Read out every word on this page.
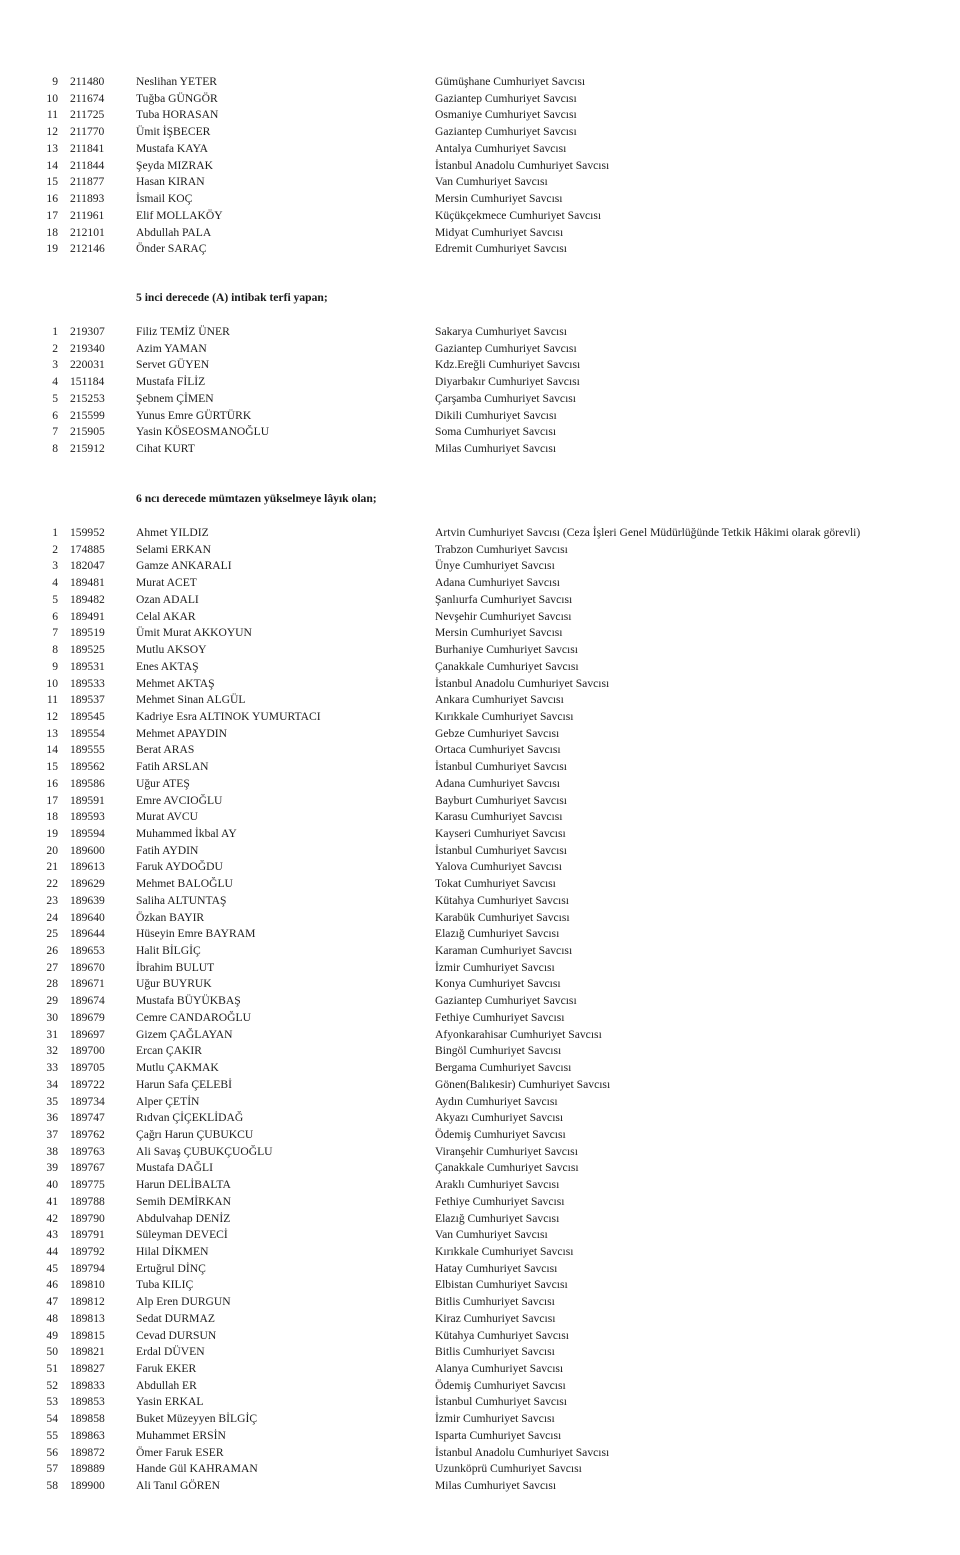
9 211480	Neslihan YETER	Gümüşhane Cumhuriyet Savcısı
10 211674	Tuğba GÜNGÖR	Gaziantep Cumhuriyet Savcısı
11 211725	Tuba HORASAN	Osmaniye Cumhuriyet Savcısı
12 211770	Ümit İŞBECER	Gaziantep Cumhuriyet Savcısı
13 211841	Mustafa KAYA	Antalya Cumhuriyet Savcısı
14 211844	Şeyda MIZRAK	İstanbul Anadolu Cumhuriyet Savcısı
15 211877	Hasan KIRAN	Van Cumhuriyet Savcısı
16 211893	İsmail KOÇ	Mersin Cumhuriyet Savcısı
17 211961	Elif MOLLAKÖY	Küçükçekmece Cumhuriyet Savcısı
18 212101	Abdullah PALA	Midyat Cumhuriyet Savcısı
19 212146	Önder SARAÇ	Edremit Cumhuriyet Savcısı
5 inci derecede (A) intibak terfi yapan;
1 219307	Filiz TEMİZ ÜNER	Sakarya Cumhuriyet Savcısı
2 219340	Azim YAMAN	Gaziantep Cumhuriyet Savcısı
3 220031	Servet GÜYEN	Kdz.Ereğli Cumhuriyet Savcısı
4 151184	Mustafa FİLİZ	Diyarbakır Cumhuriyet Savcısı
5 215253	Şebnem ÇİMEN	Çarşamba Cumhuriyet Savcısı
6 215599	Yunus Emre GÜRTÜRK	Dikili Cumhuriyet Savcısı
7 215905	Yasin KÖSEOSMANOĞLU	Soma Cumhuriyet Savcısı
8 215912	Cihat KURT	Milas Cumhuriyet Savcısı
6 ncı derecede mümtazen yükselmeye lâyık olan;
1 159952	Ahmet YILDIZ	Artvin Cumhuriyet Savcısı (Ceza İşleri Genel Müdürlüğünde Tetkik Hâkimi olarak görevli)
2 174885	Selami ERKAN	Trabzon Cumhuriyet Savcısı
3 182047	Gamze ANKARALI	Ünye Cumhuriyet Savcısı
4 189481	Murat ACET	Adana Cumhuriyet Savcısı
5 189482	Ozan ADALI	Şanlıurfa Cumhuriyet Savcısı
6 189491	Celal AKAR	Nevşehir Cumhuriyet Savcısı
7 189519	Ümit Murat AKKOYUN	Mersin Cumhuriyet Savcısı
8 189525	Mutlu AKSOY	Burhaniye Cumhuriyet Savcısı
9 189531	Enes AKTAŞ	Çanakkale Cumhuriyet Savcısı
10 189533	Mehmet AKTAŞ	İstanbul Anadolu Cumhuriyet Savcısı
11 189537	Mehmet Sinan ALGÜL	Ankara Cumhuriyet Savcısı
12 189545	Kadriye Esra ALTINOK YUMURTACI	Kırıkkale Cumhuriyet Savcısı
13 189554	Mehmet APAYDIN	Gebze Cumhuriyet Savcısı
14 189555	Berat ARAS	Ortaca Cumhuriyet Savcısı
15 189562	Fatih ARSLAN	İstanbul Cumhuriyet Savcısı
16 189586	Uğur ATEŞ	Adana Cumhuriyet Savcısı
17 189591	Emre AVCIOĞLU	Bayburt Cumhuriyet Savcısı
18 189593	Murat AVCU	Karasu Cumhuriyet Savcısı
19 189594	Muhammed İkbal AY	Kayseri Cumhuriyet Savcısı
20 189600	Fatih AYDIN	İstanbul Cumhuriyet Savcısı
21 189613	Faruk AYDOĞDU	Yalova Cumhuriyet Savcısı
22 189629	Mehmet BALOĞLU	Tokat Cumhuriyet Savcısı
23 189639	Saliha ALTUNTAŞ	Kütahya Cumhuriyet Savcısı
24 189640	Özkan BAYIR	Karabük Cumhuriyet Savcısı
25 189644	Hüseyin Emre BAYRAM	Elazığ Cumhuriyet Savcısı
26 189653	Halit BİLGİÇ	Karaman Cumhuriyet Savcısı
27 189670	İbrahim BULUT	İzmir Cumhuriyet Savcısı
28 189671	Uğur BUYRUK	Konya Cumhuriyet Savcısı
29 189674	Mustafa BÜYÜKBAŞ	Gaziantep Cumhuriyet Savcısı
30 189679	Cemre CANDAROĞLU	Fethiye Cumhuriyet Savcısı
31 189697	Gizem ÇAĞLAYAN	Afyonkarahisar Cumhuriyet Savcısı
32 189700	Ercan ÇAKIR	Bingöl Cumhuriyet Savcısı
33 189705	Mutlu ÇAKMAK	Bergama Cumhuriyet Savcısı
34 189722	Harun Safa ÇELEBİ	Gönen(Balıkesir) Cumhuriyet Savcısı
35 189734	Alper ÇETİN	Aydın Cumhuriyet Savcısı
36 189747	Rıdvan ÇİÇEKLİDAĞ	Akyazı Cumhuriyet Savcısı
37 189762	Çağrı Harun ÇUBUKCU	Ödemiş Cumhuriyet Savcısı
38 189763	Ali Savaş ÇUBUKÇUOĞLU	Viranşehir Cumhuriyet Savcısı
39 189767	Mustafa DAĞLI	Çanakkale Cumhuriyet Savcısı
40 189775	Harun DELİBALTA	Araklı Cumhuriyet Savcısı
41 189788	Semih DEMİRKAN	Fethiye Cumhuriyet Savcısı
42 189790	Abdulvahap DENİZ	Elazığ Cumhuriyet Savcısı
43 189791	Süleyman DEVECİ	Van Cumhuriyet Savcısı
44 189792	Hilal DİKMEN	Kırıkkale Cumhuriyet Savcısı
45 189794	Ertuğrul DİNÇ	Hatay Cumhuriyet Savcısı
46 189810	Tuba KILIÇ	Elbistan Cumhuriyet Savcısı
47 189812	Alp Eren DURGUN	Bitlis Cumhuriyet Savcısı
48 189813	Sedat DURMAZ	Kiraz Cumhuriyet Savcısı
49 189815	Cevad DURSUN	Kütahya Cumhuriyet Savcısı
50 189821	Erdal DÜVEN	Bitlis Cumhuriyet Savcısı
51 189827	Faruk EKER	Alanya Cumhuriyet Savcısı
52 189833	Abdullah ER	Ödemiş Cumhuriyet Savcısı
53 189853	Yasin ERKAL	İstanbul Cumhuriyet Savcısı
54 189858	Buket Müzeyyen BİLGİÇ	İzmir Cumhuriyet Savcısı
55 189863	Muhammet ERSİN	Isparta Cumhuriyet Savcısı
56 189872	Ömer Faruk ESER	İstanbul Anadolu Cumhuriyet Savcısı
57 189889	Hande Gül KAHRAMAN	Uzunköprü Cumhuriyet Savcısı
58 189900	Ali Tanıl GÖREN	Milas Cumhuriyet Savcısı
